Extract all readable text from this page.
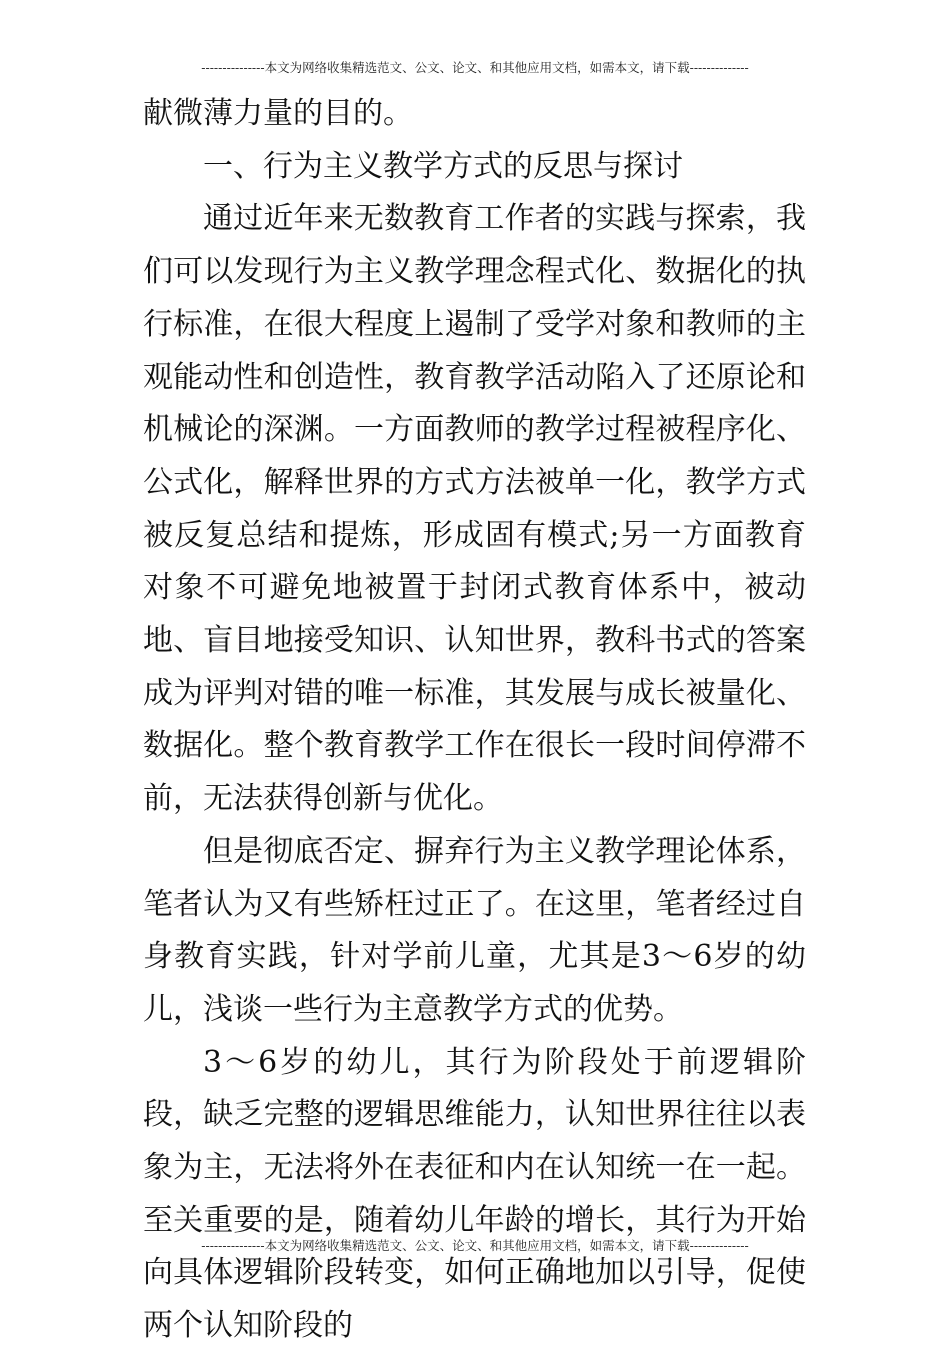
---------------本文为网络收集精选范文、公文、论文、和其他应用文档，如需本文，请下载--------------

献微薄力量的目的。

一、行为主义教学方式的反思与探讨

通过近年来无数教育工作者的实践与探索，我们可以发现行为主义教学理念程式化、数据化的执行标准，在很大程度上遏制了受学对象和教师的主观能动性和创造性，教育教学活动陷入了还原论和机械论的深渊。一方面教师的教学过程被程序化、公式化，解释世界的方式方法被单一化，教学方式被反复总结和提炼，形成固有模式;另一方面教育对象不可避免地被置于封闭式教育体系中，被动地、盲目地接受知识、认知世界，教科书式的答案成为评判对错的唯一标准，其发展与成长被量化、数据化。整个教育教学工作在很长一段时间停滞不前，无法获得创新与优化。

但是彻底否定、摒弃行为主义教学理论体系，笔者认为又有些矫枉过正了。在这里，笔者经过自身教育实践，针对学前儿童，尤其是3～6岁的幼儿，浅谈一些行为主意教学方式的优势。

3～6岁的幼儿，其行为阶段处于前逻辑阶段，缺乏完整的逻辑思维能力，认知世界往往以表象为主，无法将外在表征和内在认知统一在一起。至关重要的是，随着幼儿年龄的增长，其行为开始向具体逻辑阶段转变，如何正确地加以引导，促使两个认知阶段的

---------------本文为网络收集精选范文、公文、论文、和其他应用文档，如需本文，请下载--------------
